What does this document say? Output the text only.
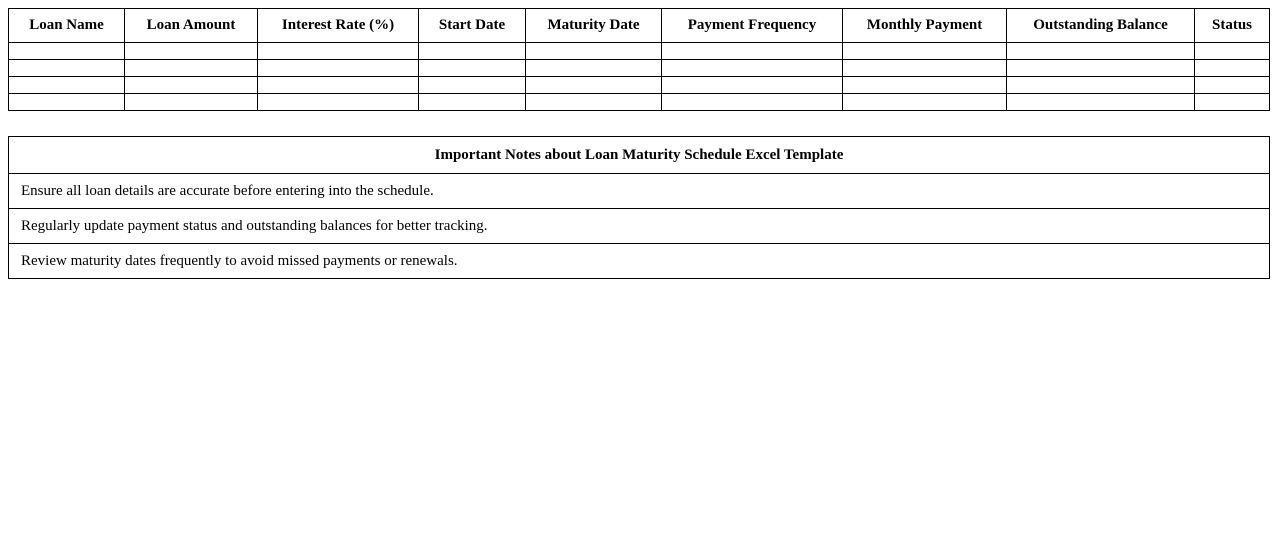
Loan Name	Loan Amount	Interest Rate (%)	Start Date	Maturity Date	Payment Frequency	Monthly Payment	Outstanding Balance	Status

Important Notes about Loan Maturity Schedule Excel Template
Ensure all loan details are accurate before entering into the schedule.
Regularly update payment status and outstanding balances for better tracking.
Review maturity dates frequently to avoid missed payments or renewals.
